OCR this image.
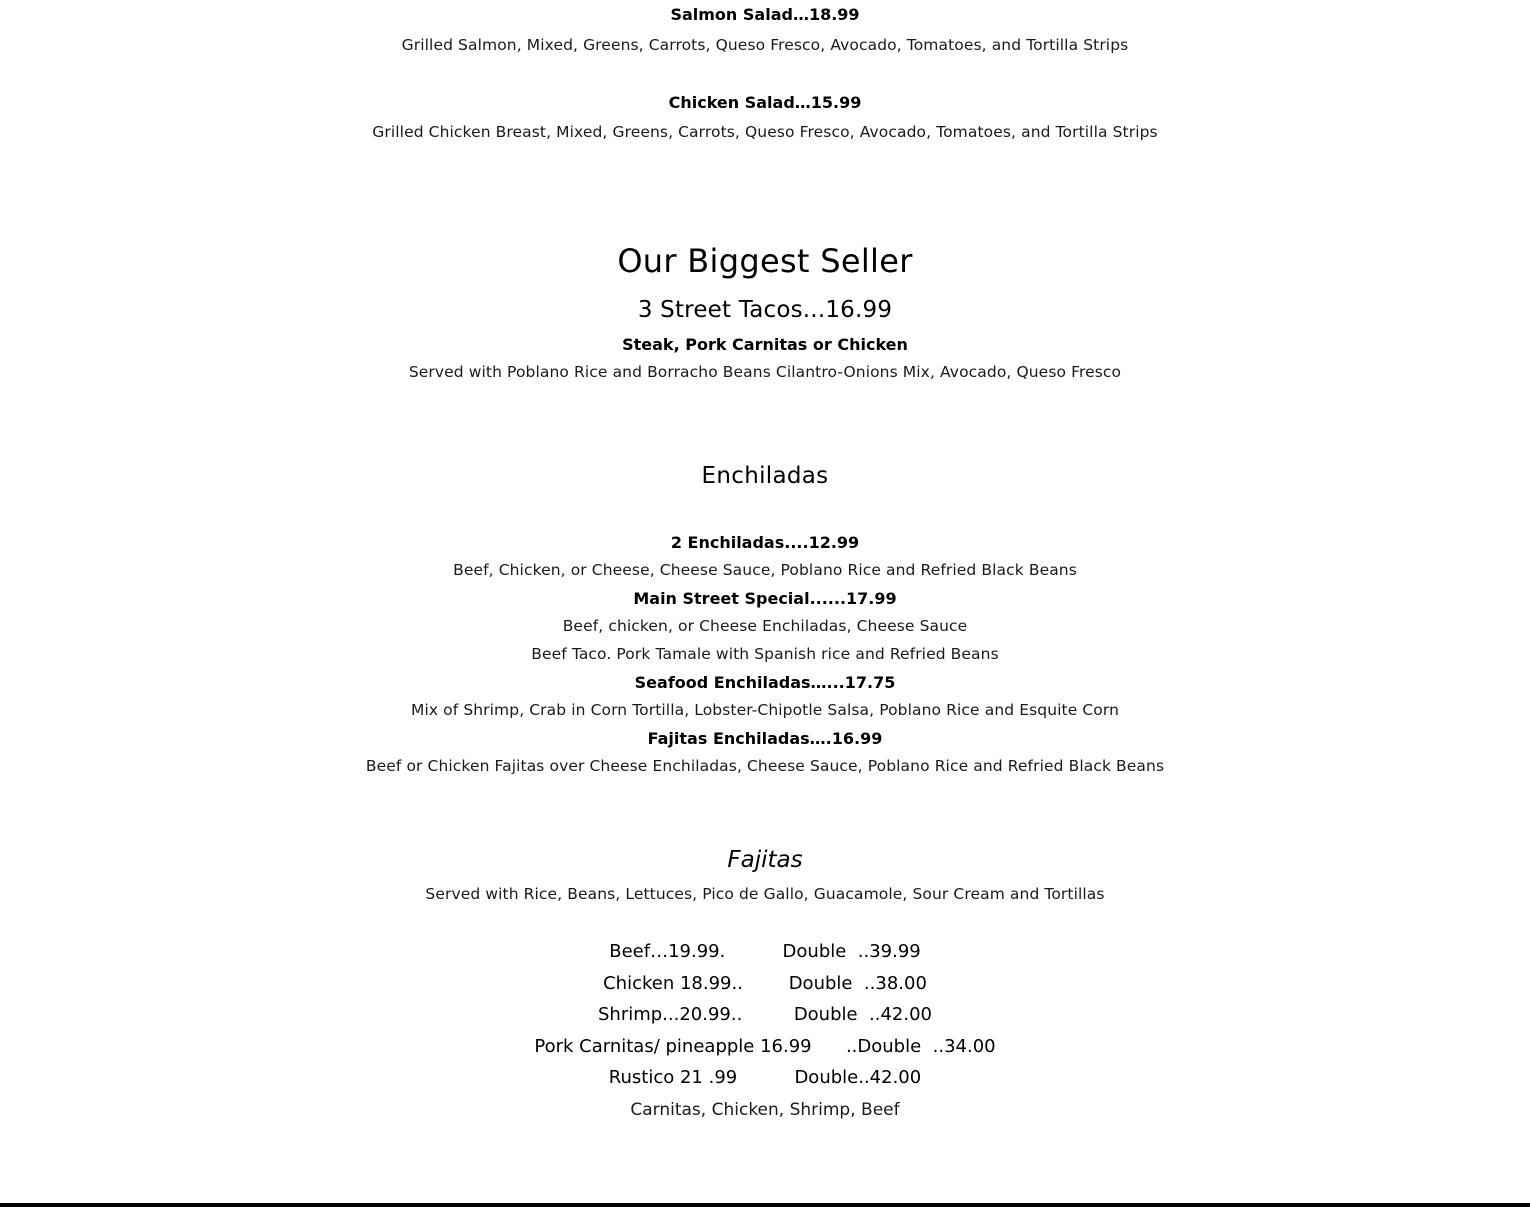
Salmon Salad…18.99
Grilled Salmon, Mixed, Greens, Carrots, Queso Fresco, Avocado, Tomatoes, and Tortilla Strips
Chicken Salad…15.99
Grilled Chicken Breast, Mixed, Greens, Carrots, Queso Fresco, Avocado, Tomatoes, and Tortilla Strips
Our Biggest Seller
3 Street Tacos...16.99
Steak, Pork Carnitas or Chicken
Served with Poblano Rice and Borracho Beans Cilantro-Onions Mix, Avocado, Queso Fresco
Enchiladas
2 Enchiladas....12.99
Beef, Chicken, or Cheese, Cheese Sauce, Poblano Rice and Refried Black Beans
Main Street Special......17.99
Beef, chicken, or Cheese Enchiladas, Cheese Sauce
Beef Taco. Pork Tamale with Spanish rice and Refried Beans
Seafood Enchiladas…...17.75
Mix of Shrimp, Crab in Corn Tortilla, Lobster-Chipotle Salsa, Poblano Rice and Esquite Corn
Fajitas Enchiladas….16.99
Beef or Chicken Fajitas over Cheese Enchiladas, Cheese Sauce, Poblano Rice and Refried Black Beans
Fajitas
Served with Rice, Beans, Lettuces, Pico de Gallo, Guacamole, Sour Cream and Tortillas
Beef…19.99.          Double  ..39.99
Chicken 18.99..        Double  ..38.00
Shrimp...20.99..         Double  ..42.00
Pork Carnitas/ pineapple 16.99      ..Double  ..34.00
Rustico 21 .99          Double..42.00
Carnitas, Chicken, Shrimp, Beef
